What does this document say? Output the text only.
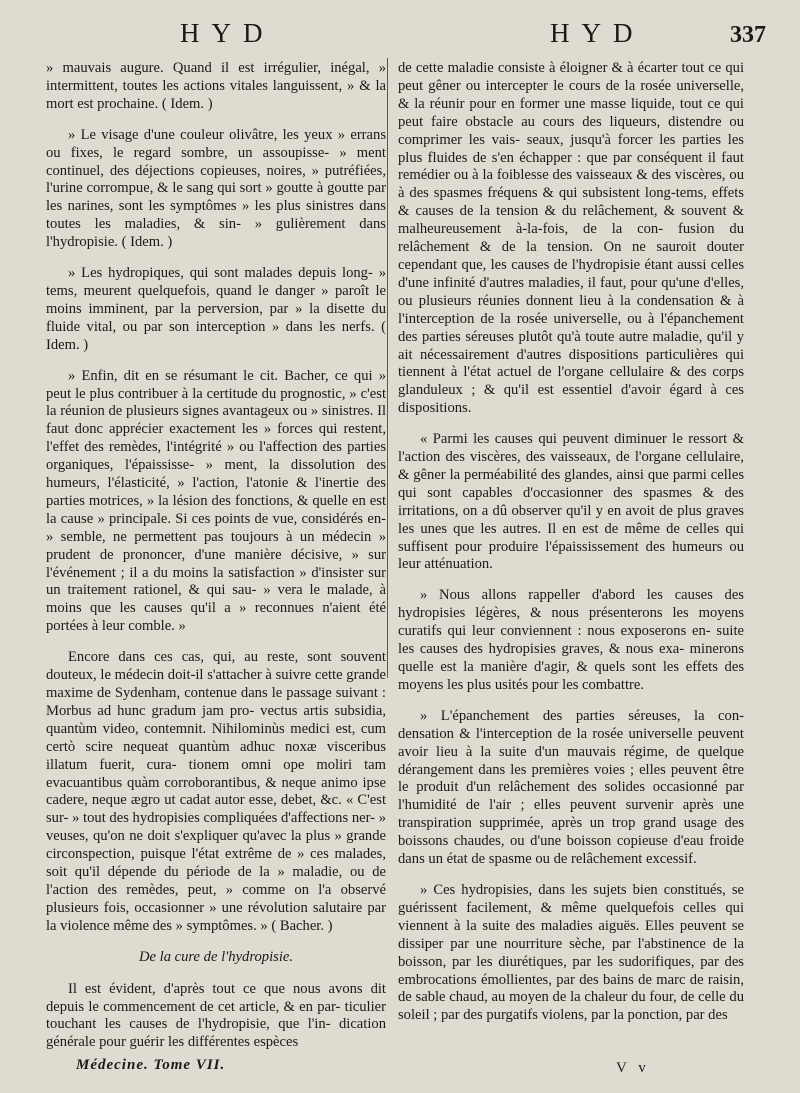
HYD	HYD	337

» mauvais augure. Quand il est irrégulier, inégal, » intermittent, toutes les actions vitales languissent, » & la mort est prochaine. ( Idem. )

» Le visage d'une couleur olivâtre, les yeux » errans ou fixes, le regard sombre, un assoupisse- » ment continuel, des déjections copieuses, noires, » putréfiées, l'urine corrompue, & le sang qui sort » goutte à goutte par les narines, sont les symptômes » les plus sinistres dans toutes les maladies, & sin- » gulièrement dans l'hydropisie. ( Idem. )

» Les hydropiques, qui sont malades depuis long- » tems, meurent quelquefois, quand le danger » paroît le moins imminent, par la perversion, par » la disette du fluide vital, ou par son interception » dans les nerfs. ( Idem. )

» Enfin, dit en se résumant le cit. Bacher, ce qui » peut le plus contribuer à la certitude du prognostic, » c'est la réunion de plusieurs signes avantageux ou » sinistres. Il faut donc apprécier exactement les » forces qui restent, l'effet des remèdes, l'intégrité » ou l'affection des parties organiques, l'épaississe- » ment, la dissolution des humeurs, l'élasticité, » l'action, l'atonie & l'inertie des parties motrices, » la lésion des fonctions, & quelle en est la cause » principale. Si ces points de vue, considérés en- » semble, ne permettent pas toujours à un médecin » prudent de prononcer, d'une manière décisive, » sur l'événement ; il a du moins la satisfaction » d'insister sur un traitement rationel, & qui sau- » vera le malade, à moins que les causes qu'il a » reconnues n'aient été portées à leur comble. »

Encore dans ces cas, qui, au reste, sont souvent douteux, le médecin doit-il s'attacher à suivre cette grande maxime de Sydenham, contenue dans le passage suivant : Morbus ad hunc gradum jam pro- vectus artis subsidia, quantùm video, contemnit. Nihilominùs medici est, cum certò scire nequeat quantùm adhuc noxæ visceribus illatum fuerit, cura- tionem omni ope moliri tam evacuantibus quàm corroborantibus, & neque animo ipse cadere, neque ægro ut cadat autor esse, debet, &c. « C'est sur- » tout des hydropisies compliquées d'affections ner- » veuses, qu'on ne doit s'expliquer qu'avec la plus » grande circonspection, puisque l'état extrême de » ces malades, soit qu'il dépende du période de la » maladie, ou de l'action des remèdes, peut, » comme on l'a observé plusieurs fois, occasionner » une révolution salutaire par la violence même des » symptômes. » ( Bacher. )

De la cure de l'hydropisie.

Il est évident, d'après tout ce que nous avons dit depuis le commencement de cet article, & en par- ticulier touchant les causes de l'hydropisie, que l'in- dication générale pour guérir les différentes espèces

de cette maladie consiste à éloigner & à écarter tout ce qui peut gêner ou intercepter le cours de la rosée universelle, & la réunir pour en former une masse liquide, tout ce qui peut faire obstacle au cours des liqueurs, distendre ou comprimer les vais- seaux, jusqu'à forcer les parties les plus fluides de s'en échapper : que par conséquent il faut remédier ou à la foiblesse des vaisseaux & des viscères, ou à des spasmes fréquens & qui subsistent long-tems, effets & causes de la tension & du relâchement, & souvent & malheureusement à-la-fois, de la con- fusion du relâchement & de la tension. On ne sauroit douter cependant que, les causes de l'hydropisie étant aussi celles d'une infinité d'autres maladies, il faut, pour qu'une d'elles, ou plusieurs réunies donnent lieu à la condensation & à l'interception de la rosée universelle, ou à l'épanchement des parties séreuses plutôt qu'à toute autre maladie, qu'il y ait nécessairement d'autres dispositions particulières qui tiennent à l'état actuel de l'organe cellulaire & des corps glanduleux ; & qu'il est essentiel d'avoir égard à ces dispositions.

« Parmi les causes qui peuvent diminuer le ressort & l'action des viscères, des vaisseaux, de l'organe cellulaire, & gêner la perméabilité des glandes, ainsi que parmi celles qui sont capables d'occasionner des spasmes & des irritations, on a dû observer qu'il y en avoit de plus graves les unes que les autres. Il en est de même de celles qui suffisent pour produire l'épaississement des humeurs ou leur atténuation.

» Nous allons rappeller d'abord les causes des hydropisies légères, & nous présenterons les moyens curatifs qui leur conviennent : nous exposerons en- suite les causes des hydropisies graves, & nous exa- minerons quelle est la manière d'agir, & quels sont les effets des moyens les plus usités pour les combattre.

» L'épanchement des parties séreuses, la con- densation & l'interception de la rosée universelle peuvent avoir lieu à la suite d'un mauvais régime, de quelque dérangement dans les premières voies ; elles peuvent être le produit d'un relâchement des solides occasionné par l'humidité de l'air ; elles peuvent survenir après une transpiration supprimée, après un trop grand usage des boissons chaudes, ou d'une boisson copieuse d'eau froide dans un état de spasme ou de relâchement excessif.

» Ces hydropisies, dans les sujets bien constitués, se guérissent facilement, & même quelquefois celles qui viennent à la suite des maladies aiguës. Elles peuvent se dissiper par une nourriture sèche, par l'abstinence de la boisson, par les diurétiques, par les sudorifiques, par des embrocations émollientes, par des bains de marc de raisin, de sable chaud, au moyen de la chaleur du four, de celle du soleil ; par des purgatifs violens, par la ponction, par des

Médecine. Tome VII.	V v
